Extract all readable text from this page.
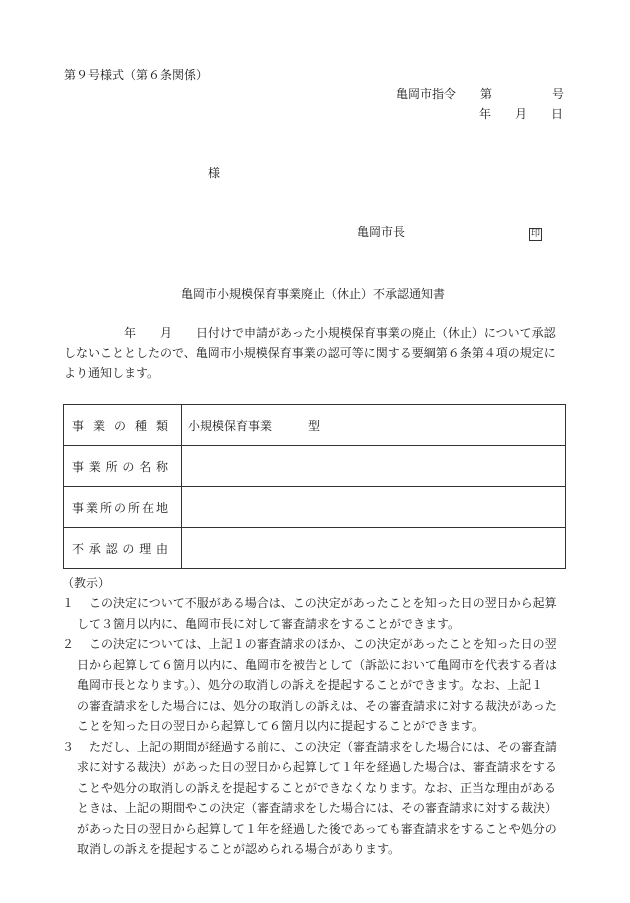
第９号様式（第６条関係）
亀岡市指令　　第　　　　　号
年　　月　　日
様
亀岡市長	印
亀岡市小規模保育事業廃止（休止）不承認通知書
年　　月　　日付けで申請があった小規模保育事業の廃止（休止）について承認
しないこととしたので、亀岡市小規模保育事業の認可等に関する要綱第６条第４項の規定に
より通知します。
事業の種類	小規模保育事業　　　型
事業所の名称	
事業所の所在地	
不承認の理由	
（教示）
１ 　この決定について不服がある場合は、この決定があったことを知った日の翌日から起算
して３箇月以内に、亀岡市長に対して審査請求をすることができます。
２ 　この決定については、上記１の審査請求のほか、この決定があったことを知った日の翌
日から起算して６箇月以内に、亀岡市を被告として（訴訟において亀岡市を代表する者は
亀岡市長となります。）、処分の取消しの訴えを提起することができます。なお、上記１
の審査請求をした場合には、処分の取消しの訴えは、その審査請求に対する裁決があった
ことを知った日の翌日から起算して６箇月以内に提起することができます。
３ 　ただし、上記の期間が経過する前に、この決定（審査請求をした場合には、その審査請
求に対する裁決）があった日の翌日から起算して１年を経過した場合は、審査請求をする
ことや処分の取消しの訴えを提起することができなくなります。なお、正当な理由がある
ときは、上記の期間やこの決定（審査請求をした場合には、その審査請求に対する裁決）
があった日の翌日から起算して１年を経過した後であっても審査請求をすることや処分の
取消しの訴えを提起することが認められる場合があります。
